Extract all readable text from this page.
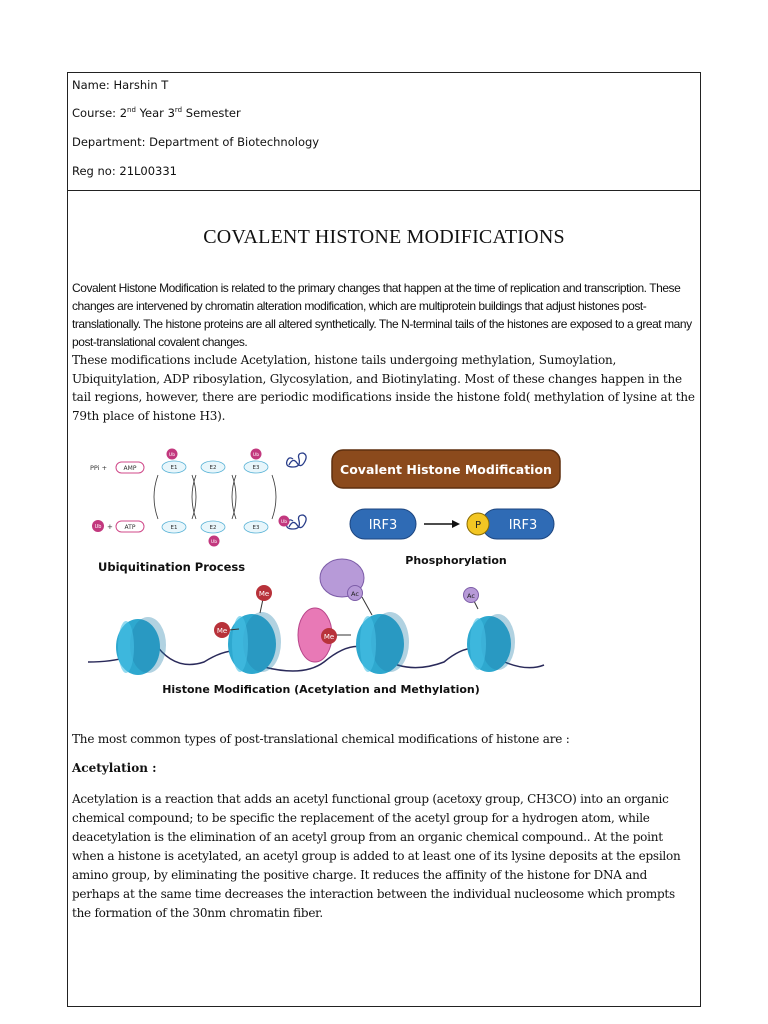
Name: Harshin T
Course: 2nd Year 3rd Semester
Department: Department of Biotechnology
Reg no: 21L00331
COVALENT HISTONE MODIFICATIONS
Covalent Histone Modification is related to the primary changes that happen at the time of replication and transcription. These changes are intervened by chromatin alteration modification, which are multiprotein buildings that adjust histones post-translationally. The histone proteins are all altered synthetically. The N-terminal tails of the histones are exposed to a great many post-translational covalent changes.
These modifications include Acetylation, histone tails undergoing methylation, Sumoylation, Ubiquitylation, ADP ribosylation, Glycosylation, and Biotinylating. Most of these changes happen in the tail regions, however, there are periodic modifications inside the histone fold( methylation of lysine at the 79th place of histone H3).
PPi +	AMP
Ub + ATP
E1
Ub
E2	E3
Ub
E1	E2
Ub
E3
Ub
Ubiquitination Process
Covalent Histone Modification
IRF3	IRF3
P
Phosphorylation
Me
Me
Me
Ac	Ac
Histone Modification (Acetylation and Methylation)
The most common types of post-translational chemical modifications of histone are :
Acetylation :
Acetylation is a reaction that adds an acetyl functional group (acetoxy group, CH3CO) into an organic chemical compound; to be specific the replacement of the acetyl group for a hydrogen atom, while deacetylation is the elimination of an acetyl group from an organic chemical compound.. At the point when a histone is acetylated, an acetyl group is added to at least one of its lysine deposits at the epsilon amino group, by eliminating the positive charge. It reduces the affinity of the histone for DNA and perhaps at the same time decreases the interaction between the individual nucleosome which prompts the formation of the 30nm chromatin fiber.
